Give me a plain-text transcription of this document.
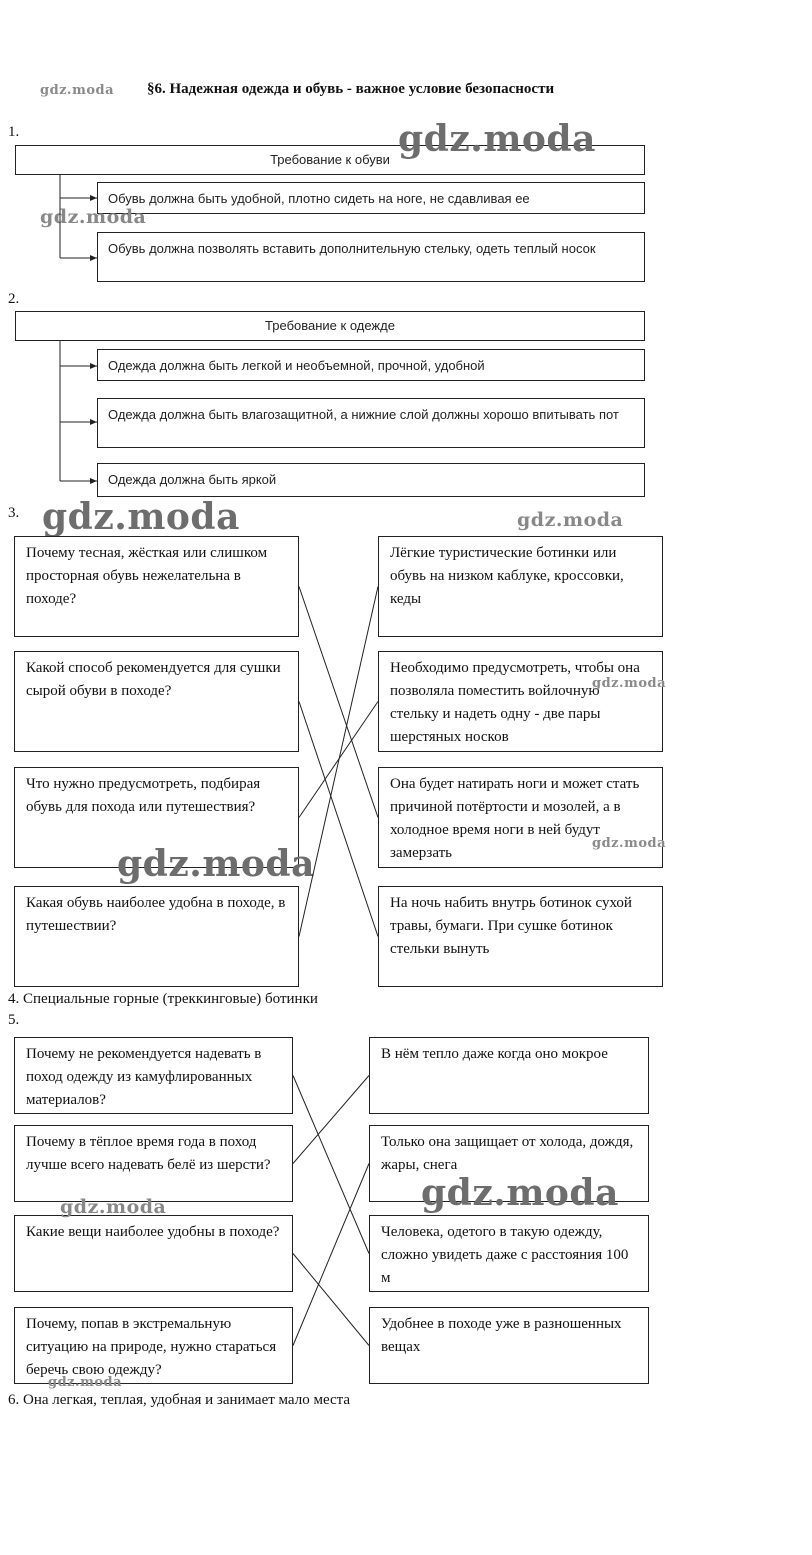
gdz.moda §6. Надежная одежда и обувь - важное условие безопасности
1.
Требование к обуви
Обувь должна быть удобной, плотно сидеть на ноге, не сдавливая ее
Обувь должна позволять вставить дополнительную стельку, одеть теплый носок
gdz.moda
gdz.moda
2.
Требование к одежде
Одежда должна быть легкой и необъемной, прочной, удобной
Одежда должна быть влагозащитной, а нижние слой должны хорошо впитывать пот
Одежда должна быть яркой
3. gdz.moda	gdz.moda
Почему тесная, жёсткая или слишком просторная обувь нежелательна в походе?
Какой способ рекомендуется для сушки сырой обуви в походе?
Что нужно предусмотреть, подбирая обувь для похода или путешествия?
Какая обувь наиболее удобна в походе, в путешествии?
Лёгкие туристические ботинки или обувь на низком каблуке, кроссовки, кеды
Необходимо предусмотреть, чтобы она позволяла поместить войлочную стельку и надеть одну - две пары шерстяных носков
Она будет натирать ноги и может стать причиной потёртости и мозолей, а в холодное время ноги в ней будут замерзать
На ночь набить внутрь ботинок сухой травы, бумаги. При сушке ботинок стельки вынуть
gdz.moda
gdz.moda
gdz.moda
4. Специальные горные (треккинговые) ботинки
5.
Почему не рекомендуется надевать в поход одежду из камуфлированных материалов?
Почему в тёплое время года в поход лучше всего надевать белё из шерсти?
Какие вещи наиболее удобны в походе?
Почему, попав в экстремальную ситуацию на природе, нужно стараться беречь свою одежду?
В нём тепло даже когда оно мокрое
Только она защищает от холода, дождя, жары, снега
Человека, одетого в такую одежду, сложно увидеть даже с расстояния 100 м
Удобнее в походе уже в разношенных вещах
gdz.moda
gdz.moda
gdz.moda
6. Она легкая, теплая, удобная и занимает мало места
